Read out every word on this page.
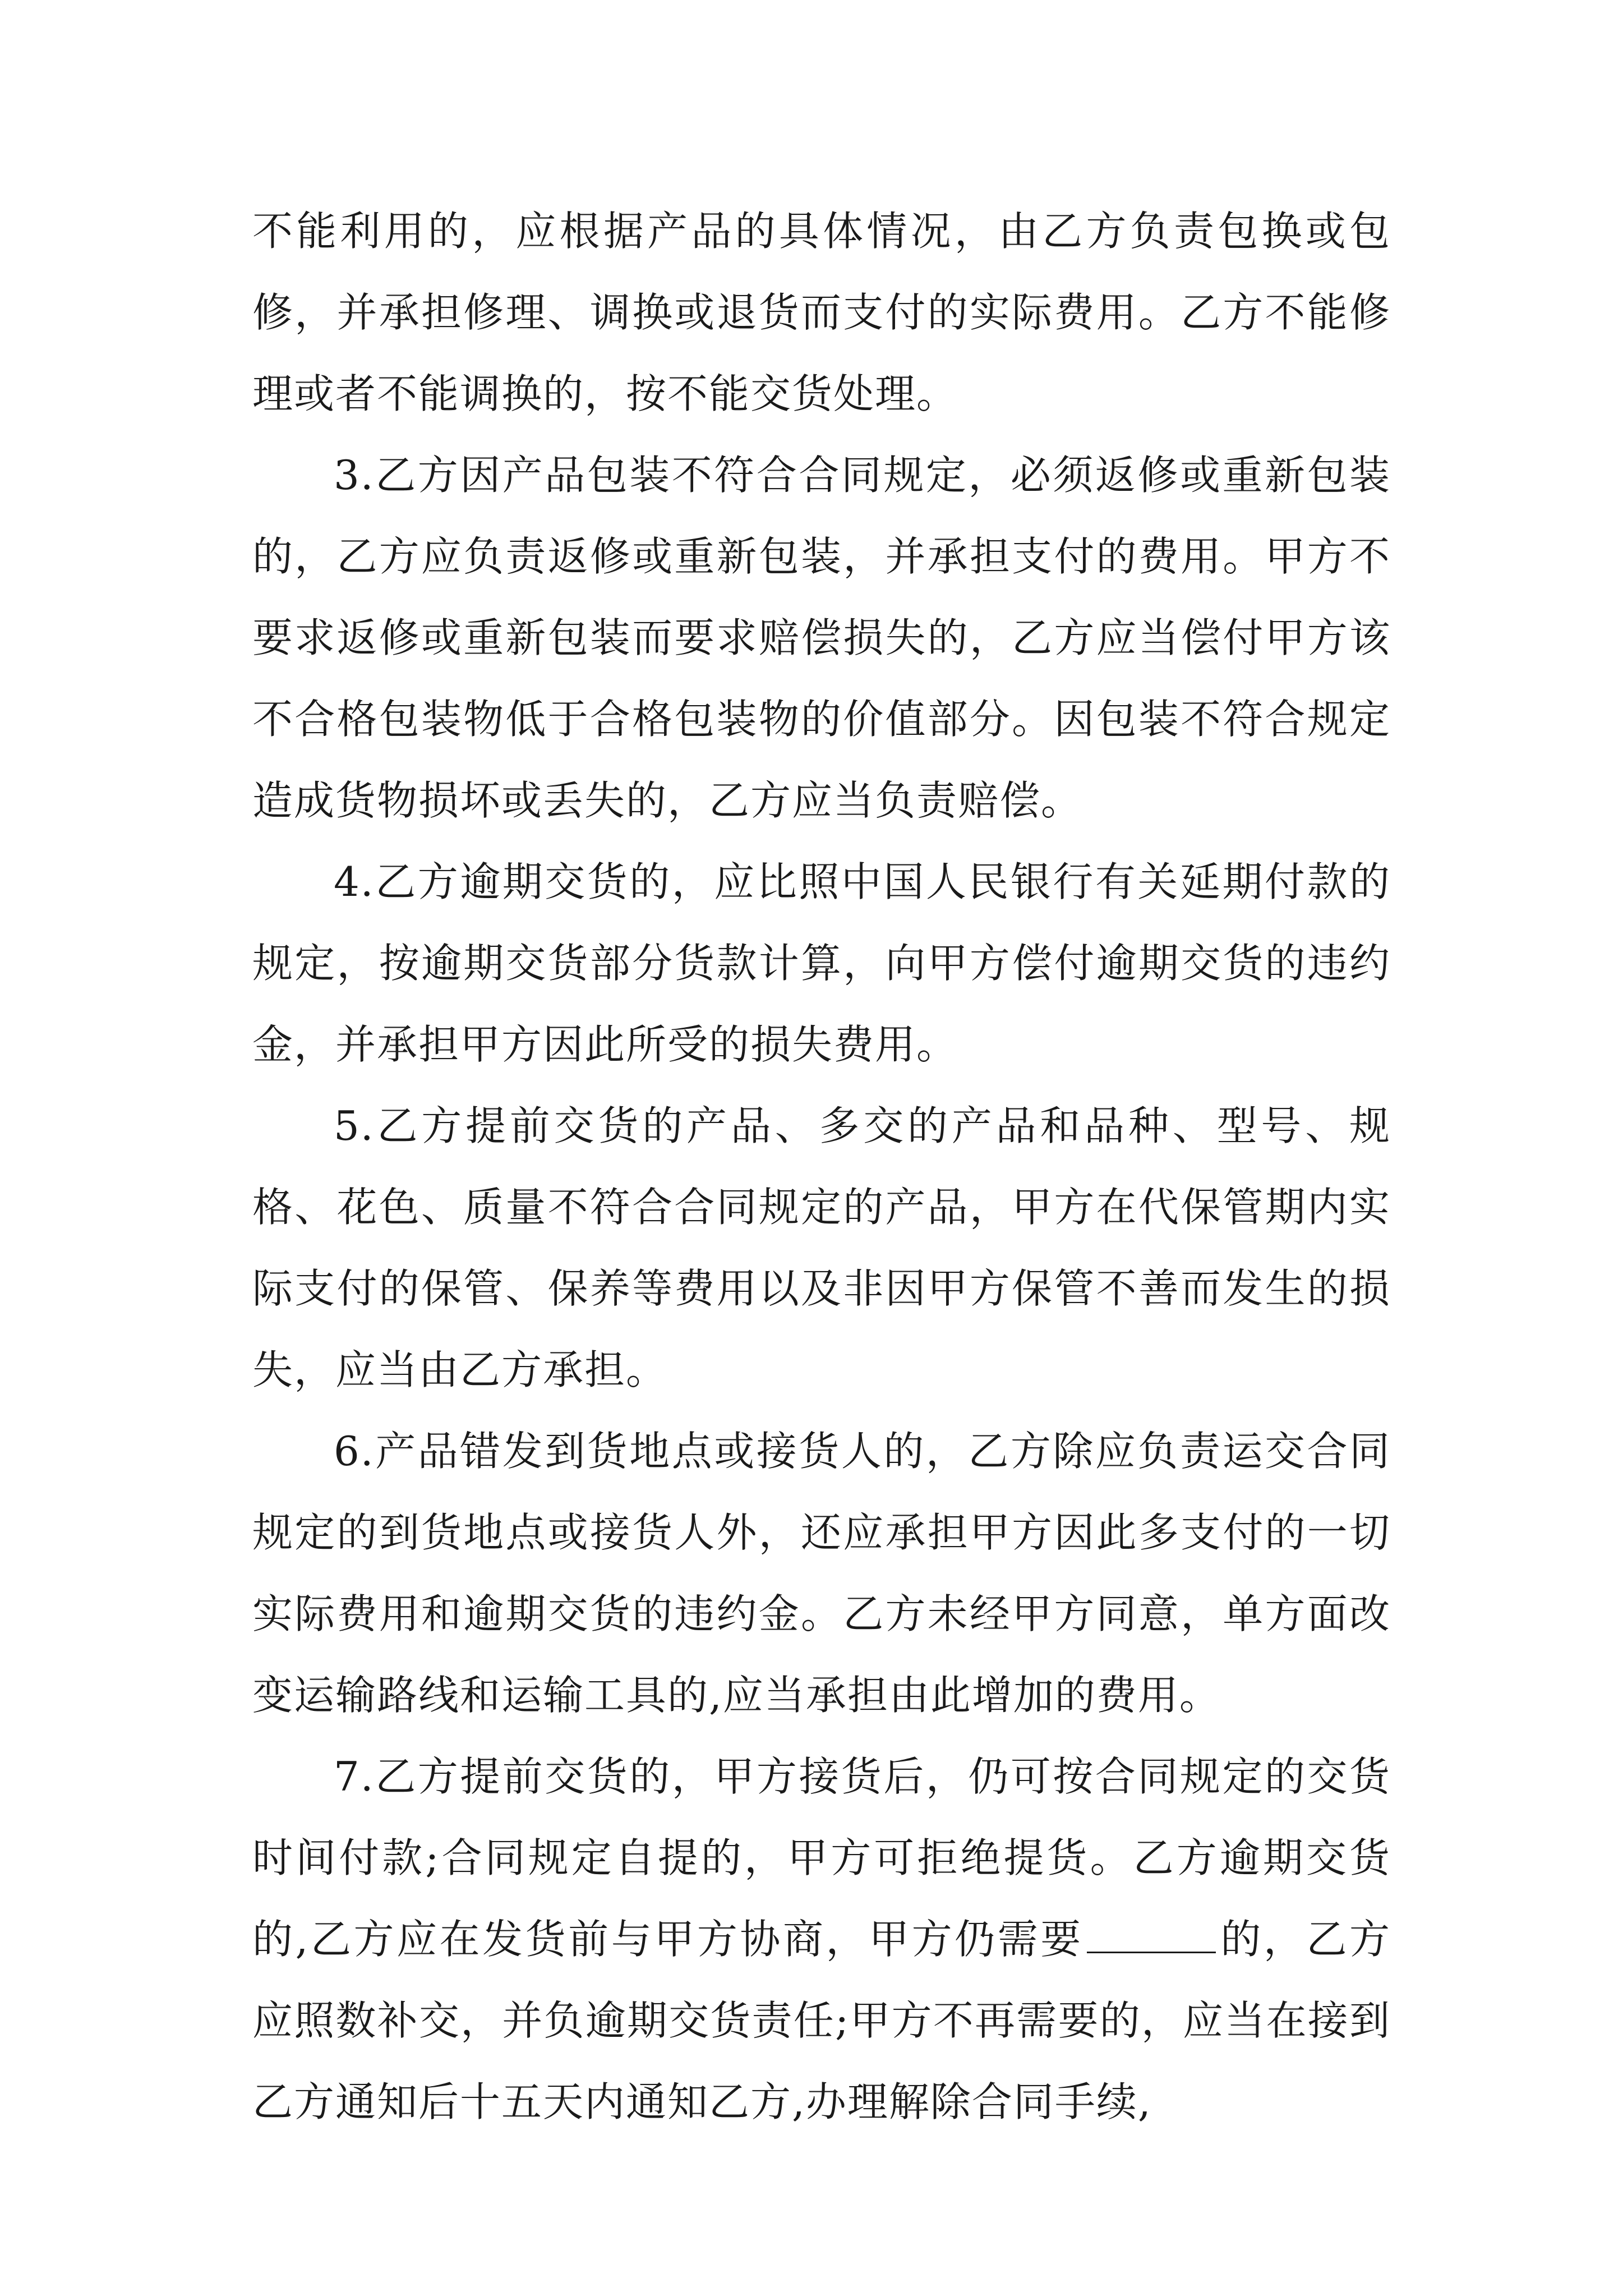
不能利用的，应根据产品的具体情况，由乙方负责包换或包修，并承担修理、调换或退货而支付的实际费用。乙方不能修理或者不能调换的，按不能交货处理。

3.乙方因产品包装不符合合同规定，必须返修或重新包装的，乙方应负责返修或重新包装，并承担支付的费用。甲方不要求返修或重新包装而要求赔偿损失的，乙方应当偿付甲方该不合格包装物低于合格包装物的价值部分。因包装不符合规定造成货物损坏或丢失的，乙方应当负责赔偿。

4.乙方逾期交货的，应比照中国人民银行有关延期付款的规定，按逾期交货部分货款计算，向甲方偿付逾期交货的违约金，并承担甲方因此所受的损失费用。

5.乙方提前交货的产品、多交的产品和品种、型号、规格、花色、质量不符合合同规定的产品，甲方在代保管期内实际支付的保管、保养等费用以及非因甲方保管不善而发生的损失，应当由乙方承担。

6.产品错发到货地点或接货人的，乙方除应负责运交合同规定的到货地点或接货人外，还应承担甲方因此多支付的一切实际费用和逾期交货的违约金。乙方未经甲方同意，单方面改变运输路线和运输工具的,应当承担由此增加的费用。

7.乙方提前交货的，甲方接货后，仍可按合同规定的交货时间付款;合同规定自提的，甲方可拒绝提货。乙方逾期交货的,乙方应在发货前与甲方协商，甲方仍需要	的，乙方应照数补交，并负逾期交货责任;甲方不再需要的，应当在接到乙方通知后十五天内通知乙方,办理解除合同手续,
